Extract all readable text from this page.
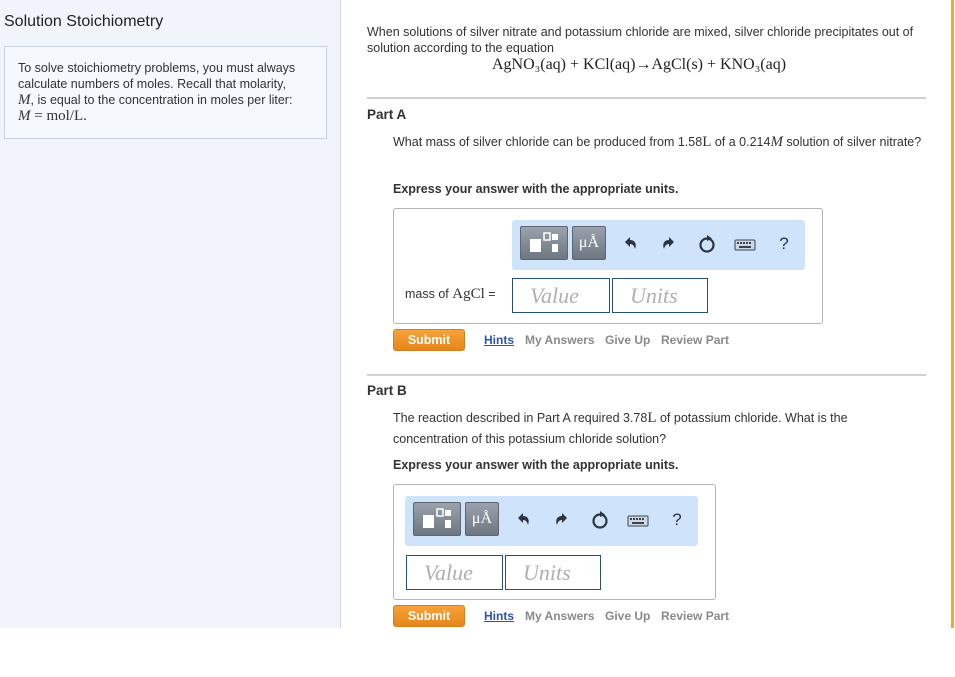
Solution Stoichiometry
To solve stoichiometry problems, you must always
calculate numbers of moles. Recall that molarity,
M, is equal to the concentration in moles per liter:
M = mol/L.
When solutions of silver nitrate and potassium chloride are mixed, silver chloride precipitates out of solution according to the equation
AgNO₃(aq) + KCl(aq)→AgCl(s) + KNO₃(aq)
Part A
What mass of silver chloride can be produced from 1.58L of a 0.214M solution of silver nitrate?
Express your answer with the appropriate units.
μÅ	?
mass of AgCl =	Value	Units
Submit	Hints My Answers Give Up Review Part
Part B
The reaction described in Part A required 3.78L of potassium chloride. What is the concentration of this potassium chloride solution?
Express your answer with the appropriate units.
μÅ	?
Value	Units
Submit	Hints My Answers Give Up Review Part
